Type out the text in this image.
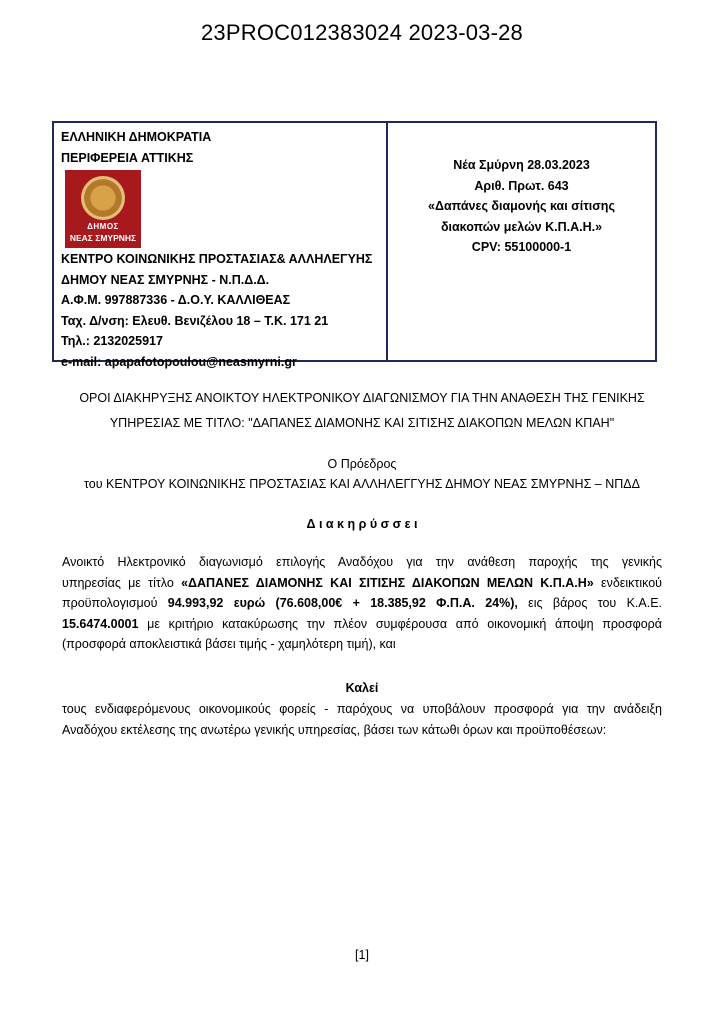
23PROC012383024 2023-03-28
ΕΛΛΗΝΙΚΗ ΔΗΜΟΚΡΑΤΙΑ
ΠΕΡΙΦΕΡΕΙΑ ΑΤΤΙΚΗΣ
ΔΗΜΟΣ
ΝΕΑΣ ΣΜΥΡΝΗΣ
ΚΕΝΤΡΟ ΚΟΙΝΩΝΙΚΗΣ ΠΡΟΣΤΑΣΙΑΣ& ΑΛΛΗΛΕΓΥΗΣ
ΔΗΜΟΥ ΝΕΑΣ ΣΜΥΡΝΗΣ - Ν.Π.Δ.Δ.
Α.Φ.Μ. 997887336 - Δ.Ο.Υ. ΚΑΛΛΙΘΕΑΣ
Ταχ. Δ/νση: Ελευθ. Βενιζέλου 18 – Τ.Κ. 171 21
Τηλ.: 2132025917
e-mail: apapafotopoulou@neasmyrni.gr
Νέα Σμύρνη 28.03.2023
Αριθ. Πρωτ. 643
«Δαπάνες διαμονής και σίτισης
διακοπών μελών Κ.Π.Α.Η.»
CPV: 55100000-1
ΟΡΟΙ ΔΙΑΚΗΡΥΞΗΣ ΑΝΟΙΚΤΟΥ ΗΛΕΚΤΡΟΝΙΚΟΥ ΔΙΑΓΩΝΙΣΜΟΥ ΓΙΑ ΤΗΝ ΑΝΑΘΕΣΗ ΤΗΣ ΓΕΝΙΚΗΣ
ΥΠΗΡΕΣΙΑΣ ΜΕ ΤΙΤΛΟ: "ΔΑΠΑΝΕΣ ΔΙΑΜΟΝΗΣ ΚΑΙ ΣΙΤΙΣΗΣ ΔΙΑΚΟΠΩΝ ΜΕΛΩΝ ΚΠΑΗ"
Ο Πρόεδρος
του ΚΕΝΤΡΟΥ ΚΟΙΝΩΝΙΚΗΣ ΠΡΟΣΤΑΣΙΑΣ ΚΑΙ ΑΛΛΗΛΕΓΓΥΗΣ ΔΗΜΟΥ ΝΕΑΣ ΣΜΥΡΝΗΣ – ΝΠΔΔ
Δ ι α κ η ρ ύ σ σ ε ι
Ανοικτό Ηλεκτρονικό διαγωνισμό επιλογής Αναδόχου για την ανάθεση παροχής της γενικής
υπηρεσίας με τίτλο «ΔΑΠΑΝΕΣ ΔΙΑΜΟΝΗΣ ΚΑΙ ΣΙΤΙΣΗΣ ΔΙΑΚΟΠΩΝ ΜΕΛΩΝ Κ.Π.Α.Η» ενδεικτικού
προϋπολογισμού 94.993,92 ευρώ (76.608,00€ + 18.385,92 Φ.Π.Α. 24%), εις βάρος του Κ.Α.Ε.
15.6474.0001 με κριτήριο κατακύρωσης την πλέον συμφέρουσα από οικονομική άποψη προσφορά
(προσφορά αποκλειστικά βάσει τιμής - χαμηλότερη τιμή), και
Καλεί
τους ενδιαφερόμενους οικονομικούς φορείς - παρόχους να υποβάλουν προσφορά για την ανάδειξη
Αναδόχου εκτέλεσης της ανωτέρω γενικής υπηρεσίας, βάσει των κάτωθι όρων και προϋποθέσεων:
[1]
